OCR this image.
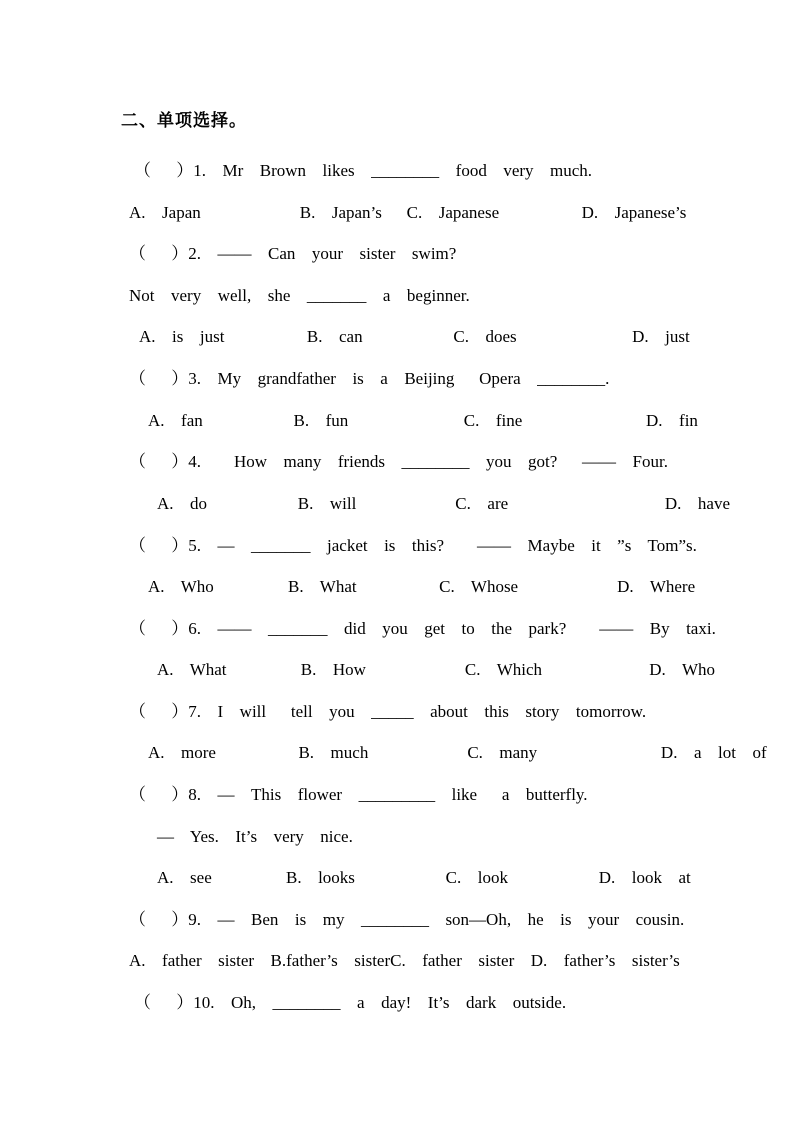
二、单项选择。
（　 ）1.  Mr  Brown  likes  ________  food  very  much.
A.  Japan            B.  Japan’s   C.  Japanese          D.  Japanese’s
（　 ）2.  ——  Can  your  sister  swim?
Not  very  well,  she  _______  a  beginner.
A.  is  just          B.  can           C.  does              D.  just
（　 ）3.  My  grandfather  is  a  Beijing   Opera  ________.
A.  fan           B.  fun              C.  fine               D.  fin
（　 ）4.    How  many  friends  ________  you  got?   ——  Four.
A.  do           B.  will            C.  are                   D.  have
（　 ）5.  —  _______  jacket  is  this?    ——  Maybe  it  ”s  Tom”s.
A.  Who         B.  What          C.  Whose            D.  Where
（　 ）6.  ——  _______  did  you  get  to  the  park?    ——  By  taxi.
A.  What         B.  How            C.  Which             D.  Who
（　 ）7.  I  will   tell  you  _____  about  this  story  tomorrow.
A.  more          B.  much            C.  many               D.  a  lot  of
（　 ）8.  —  This  flower  _________  like   a  butterfly.
—  Yes.  It’s  very  nice.
A.  see         B.  looks           C.  look           D.  look  at
（　 ）9.  —  Ben  is  my  ________  son—Oh,  he  is  your  cousin.
A.  father  sister  B.father’s  sisterC.  father  sister  D.  father’s  sister’s
（　 ）10.  Oh,  ________  a  day!  It’s  dark  outside.
